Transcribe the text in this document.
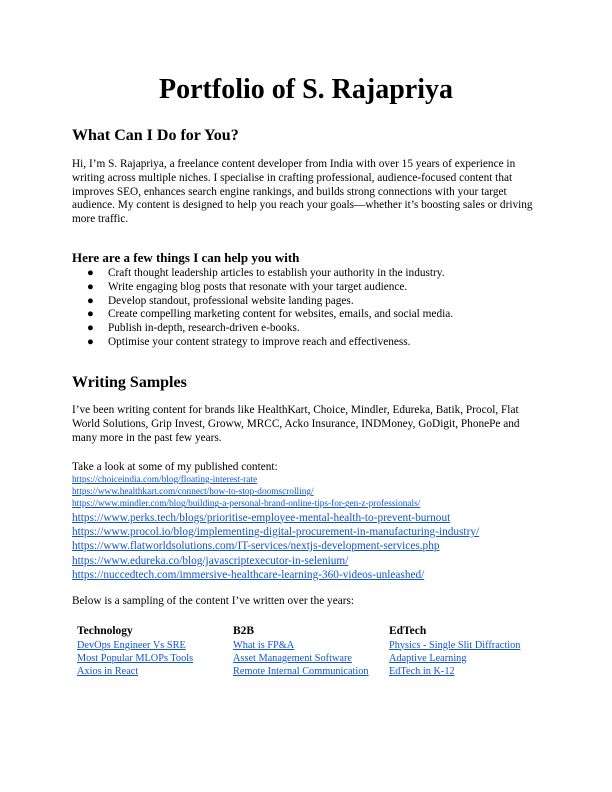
Portfolio of S. Rajapriya
What Can I Do for You?

Hi, I’m S. Rajapriya, a freelance content developer from India with over 15 years of experience in writing across multiple niches. I specialise in crafting professional, audience-focused content that improves SEO, enhances search engine rankings, and builds strong connections with your target audience. My content is designed to help you reach your goals—whether it’s boosting sales or driving more traffic.

Here are a few things I can help you with
● Craft thought leadership articles to establish your authority in the industry.
● Write engaging blog posts that resonate with your target audience.
● Develop standout, professional website landing pages.
● Create compelling marketing content for websites, emails, and social media.
● Publish in-depth, research-driven e-books.
● Optimise your content strategy to improve reach and effectiveness.
Writing Samples

I’ve been writing content for brands like HealthKart, Choice, Mindler, Edureka, Batik, Procol, Flat World Solutions, Grip Invest, Groww, MRCC, Acko Insurance, INDMoney, GoDigit, PhonePe and many more in the past few years.

Take a look at some of my published content:

https://choiceindia.com/blog/floating-interest-rate
https://www.healthkart.com/connect/how-to-stop-doomscrolling/
https://www.mindler.com/blog/building-a-personal-brand-online-tips-for-gen-z-professionals/
https://www.perks.tech/blogs/prioritise-employee-mental-health-to-prevent-burnout
https://www.procol.io/blog/implementing-digital-procurement-in-manufacturing-industry/
https://www.flatworldsolutions.com/IT-services/nextjs-development-services.php
https://www.edureka.co/blog/javascriptexecutor-in-selenium/
https://nuccedtech.com/immersive-healthcare-learning-360-videos-unleashed/

Below is a sampling of the content I’ve written over the years:

Technology
DevOps Engineer Vs SRE
Most Popular MLOPs Tools
Axios in React
B2B
What is FP&A
Asset Management Software
Remote Internal Communication
EdTech
Physics - Single Slit Diffraction
Adaptive Learning
EdTech in K-12
